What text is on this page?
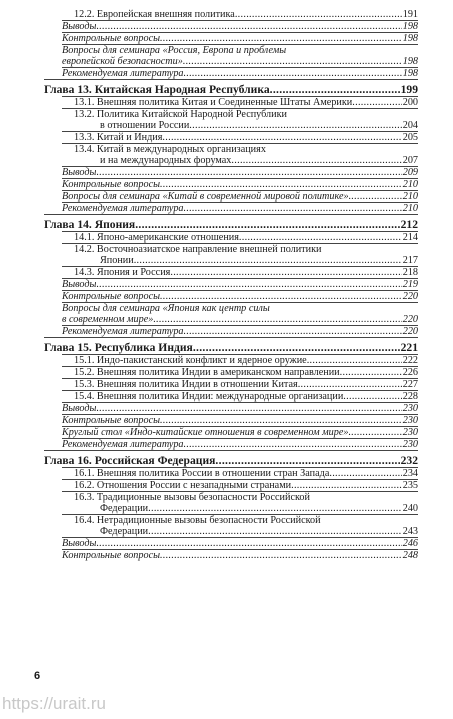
12.2. Европейская внешняя политика .....	191
Выводы .....	198
Контрольные вопросы .....	198
Вопросы для семинара «Россия, Европа и проблемы
европейской безопасности» .....	198
Рекомендуемая литература .....	198
Глава 13. Китайская Народная Республика .....	199
13.1. Внешняя политика Китая и Соединенные Штаты Америки .....	200
13.2. Политика Китайской Народной Республики
в отношении России .....	204
13.3. Китай и Индия .....	205
13.4. Китай в международных организациях
и на международных форумах .....	207
Выводы .....	209
Контрольные вопросы .....	210
Вопросы для семинара «Китай в современной мировой политике» .....	210
Рекомендуемая литература .....	210
Глава 14. Япония .....	212
14.1. Японо-американские отношения .....	214
14.2. Восточноазиатское направление внешней политики
Японии .....	217
14.3. Япония и Россия .....	218
Выводы .....	219
Контрольные вопросы .....	220
Вопросы для семинара «Япония как центр силы
в современном мире» .....	220
Рекомендуемая литература .....	220
Глава 15. Республика Индия .....	221
15.1. Индо-пакистанский конфликт и ядерное оружие .....	222
15.2. Внешняя политика Индии в американском направлении .....	226
15.3. Внешняя политика Индии в отношении Китая .....	227
15.4. Внешняя политика Индии: международные организации .....	228
Выводы .....	230
Контрольные вопросы .....	230
Круглый стол «Индо-китайские отношения в современном мире» .....	230
Рекомендуемая литература .....	230
Глава 16. Российская Федерация .....	232
16.1. Внешняя политика России в отношении стран Запада .....	234
16.2. Отношения России с незападными странами .....	235
16.3. Традиционные вызовы безопасности Российской
Федерации .....	240
16.4. Нетрадиционные вызовы безопасности Российской
Федерации .....	243
Выводы .....	246
Контрольные вопросы .....	248
6
https://urait.ru
